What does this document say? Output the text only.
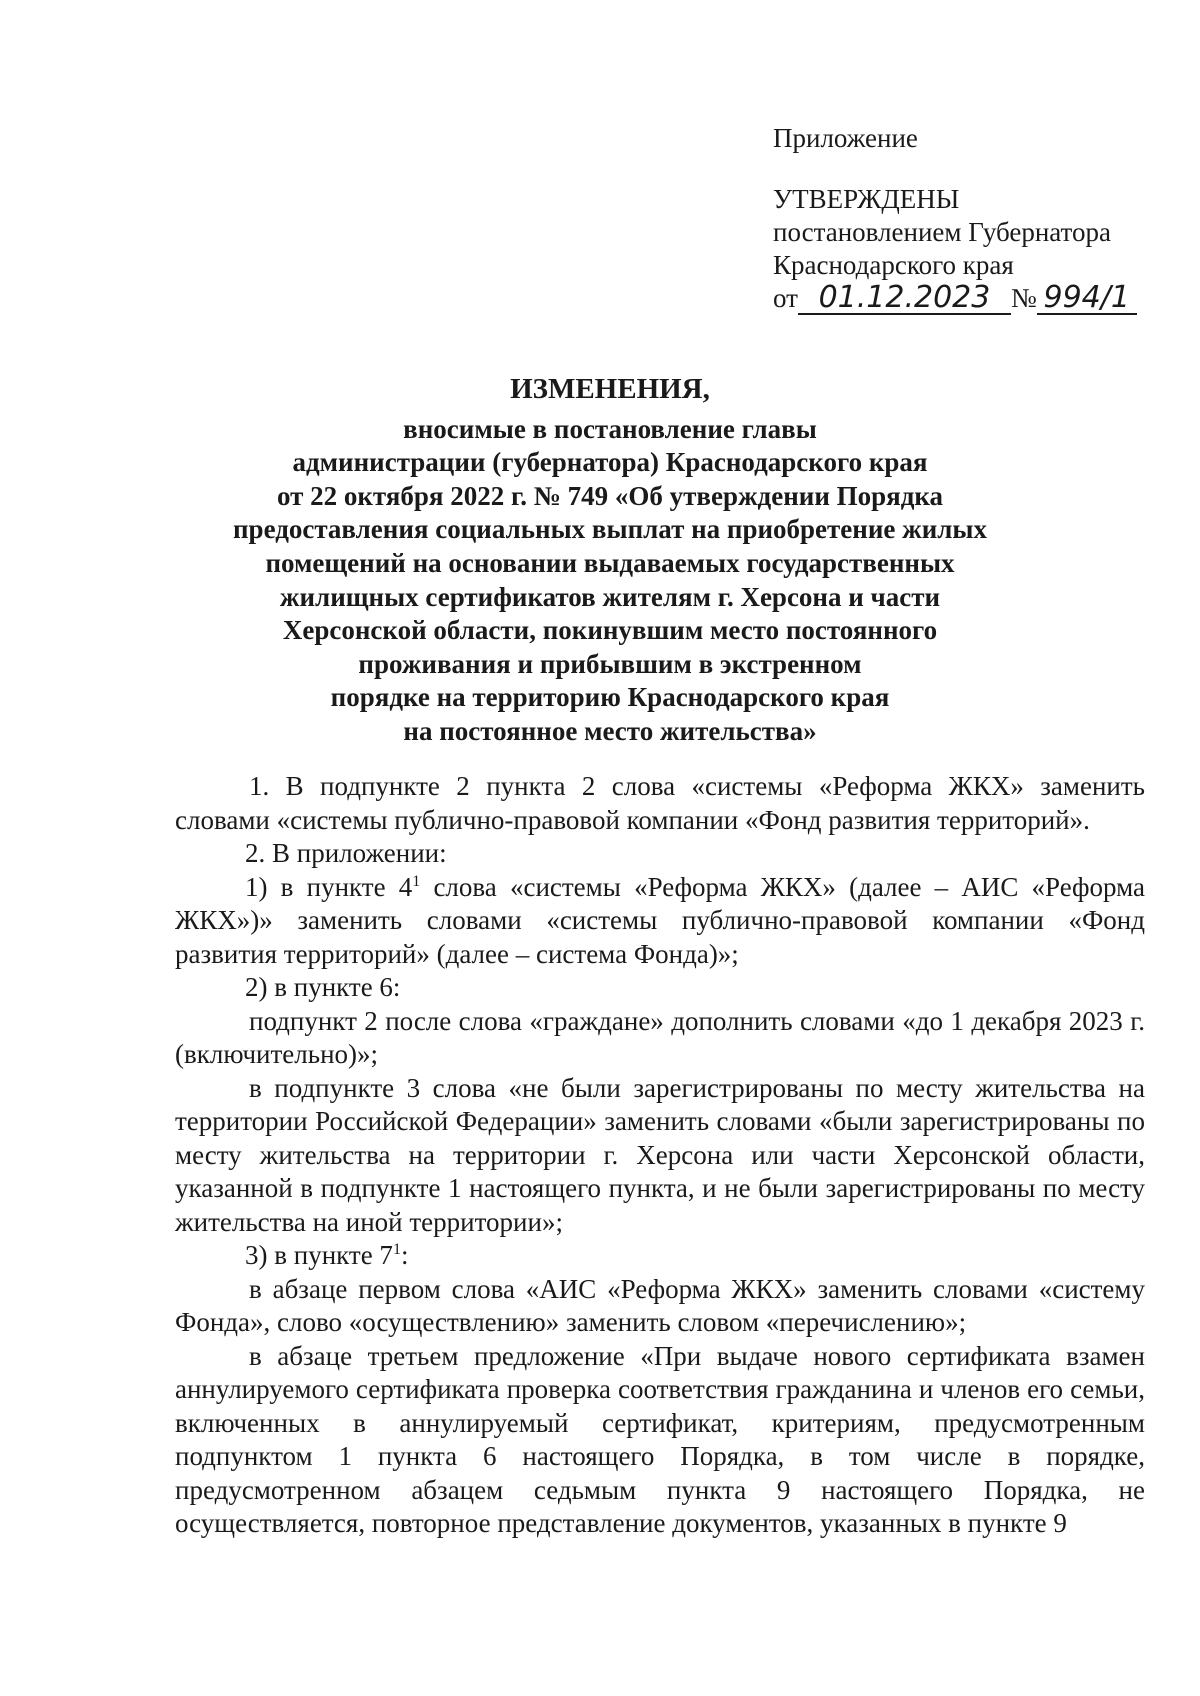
Приложение
УТВЕРЖДЕНЫ
постановлением Губернатора
Краснодарского края
от 01.12.2023 № 994/1
ИЗМЕНЕНИЯ,
вносимые в постановление главы
администрации (губернатора) Краснодарского края
от 22 октября 2022 г. № 749 «Об утверждении Порядка
предоставления социальных выплат на приобретение жилых
помещений на основании выдаваемых государственных
жилищных сертификатов жителям г. Херсона и части
Херсонской области, покинувшим место постоянного
проживания и прибывшим в экстренном
порядке на территорию Краснодарского края
на постоянное место жительства»

1. В подпункте 2 пункта 2 слова «системы «Реформа ЖКХ» заменить словами «системы публично-правовой компании «Фонд развития территорий».

2. В приложении:

1) в пункте $4^1$ слова «системы «Реформа ЖКХ» (далее – АИС «Реформа ЖКХ»)» заменить словами «системы публично-правовой компании «Фонд развития территорий» (далее – система Фонда)»;

2) в пункте 6:

подпункт 2 после слова «граждане» дополнить словами «до 1 декабря 2023 г. (включительно)»;

в подпункте 3 слова «не были зарегистрированы по месту жительства на территории Российской Федерации» заменить словами «были зарегистрированы по месту жительства на территории г. Херсона или части Херсонской области, указанной в подпункте 1 настоящего пункта, и не были зарегистрированы по месту жительства на иной территории»;

3) в пункте $7^1$:

в абзаце первом слова «АИС «Реформа ЖКХ» заменить словами «систему Фонда», слово «осуществлению» заменить словом «перечислению»;

в абзаце третьем предложение «При выдаче нового сертификата взамен аннулируемого сертификата проверка соответствия гражданина и членов его семьи, включенных в аннулируемый сертификат, критериям, предусмотренным подпунктом 1 пункта 6 настоящего Порядка, в том числе в порядке, предусмотренном абзацем седьмым пункта 9 настоящего Порядка, не осуществляется, повторное представление документов, указанных в пункте 9
